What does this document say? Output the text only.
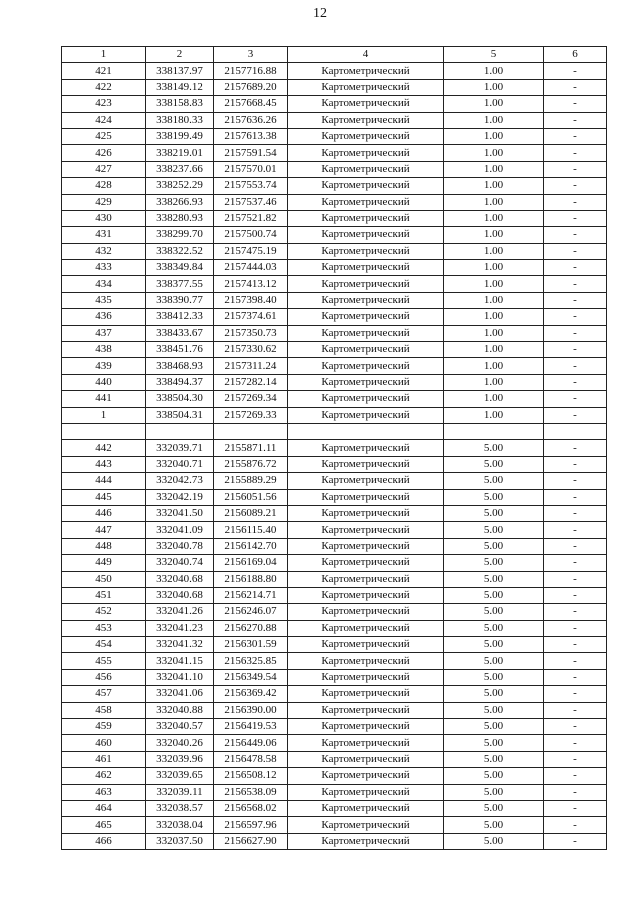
12
1	2	3	4	5	6
421	338137.97	2157716.88	Картометрический	1.00	-
422	338149.12	2157689.20	Картометрический	1.00	-
423	338158.83	2157668.45	Картометрический	1.00	-
424	338180.33	2157636.26	Картометрический	1.00	-
425	338199.49	2157613.38	Картометрический	1.00	-
426	338219.01	2157591.54	Картометрический	1.00	-
427	338237.66	2157570.01	Картометрический	1.00	-
428	338252.29	2157553.74	Картометрический	1.00	-
429	338266.93	2157537.46	Картометрический	1.00	-
430	338280.93	2157521.82	Картометрический	1.00	-
431	338299.70	2157500.74	Картометрический	1.00	-
432	338322.52	2157475.19	Картометрический	1.00	-
433	338349.84	2157444.03	Картометрический	1.00	-
434	338377.55	2157413.12	Картометрический	1.00	-
435	338390.77	2157398.40	Картометрический	1.00	-
436	338412.33	2157374.61	Картометрический	1.00	-
437	338433.67	2157350.73	Картометрический	1.00	-
438	338451.76	2157330.62	Картометрический	1.00	-
439	338468.93	2157311.24	Картометрический	1.00	-
440	338494.37	2157282.14	Картометрический	1.00	-
441	338504.30	2157269.34	Картометрический	1.00	-
1	338504.31	2157269.33	Картометрический	1.00	-

442	332039.71	2155871.11	Картометрический	5.00	-
443	332040.71	2155876.72	Картометрический	5.00	-
444	332042.73	2155889.29	Картометрический	5.00	-
445	332042.19	2156051.56	Картометрический	5.00	-
446	332041.50	2156089.21	Картометрический	5.00	-
447	332041.09	2156115.40	Картометрический	5.00	-
448	332040.78	2156142.70	Картометрический	5.00	-
449	332040.74	2156169.04	Картометрический	5.00	-
450	332040.68	2156188.80	Картометрический	5.00	-
451	332040.68	2156214.71	Картометрический	5.00	-
452	332041.26	2156246.07	Картометрический	5.00	-
453	332041.23	2156270.88	Картометрический	5.00	-
454	332041.32	2156301.59	Картометрический	5.00	-
455	332041.15	2156325.85	Картометрический	5.00	-
456	332041.10	2156349.54	Картометрический	5.00	-
457	332041.06	2156369.42	Картометрический	5.00	-
458	332040.88	2156390.00	Картометрический	5.00	-
459	332040.57	2156419.53	Картометрический	5.00	-
460	332040.26	2156449.06	Картометрический	5.00	-
461	332039.96	2156478.58	Картометрический	5.00	-
462	332039.65	2156508.12	Картометрический	5.00	-
463	332039.11	2156538.09	Картометрический	5.00	-
464	332038.57	2156568.02	Картометрический	5.00	-
465	332038.04	2156597.96	Картометрический	5.00	-
466	332037.50	2156627.90	Картометрический	5.00	-
